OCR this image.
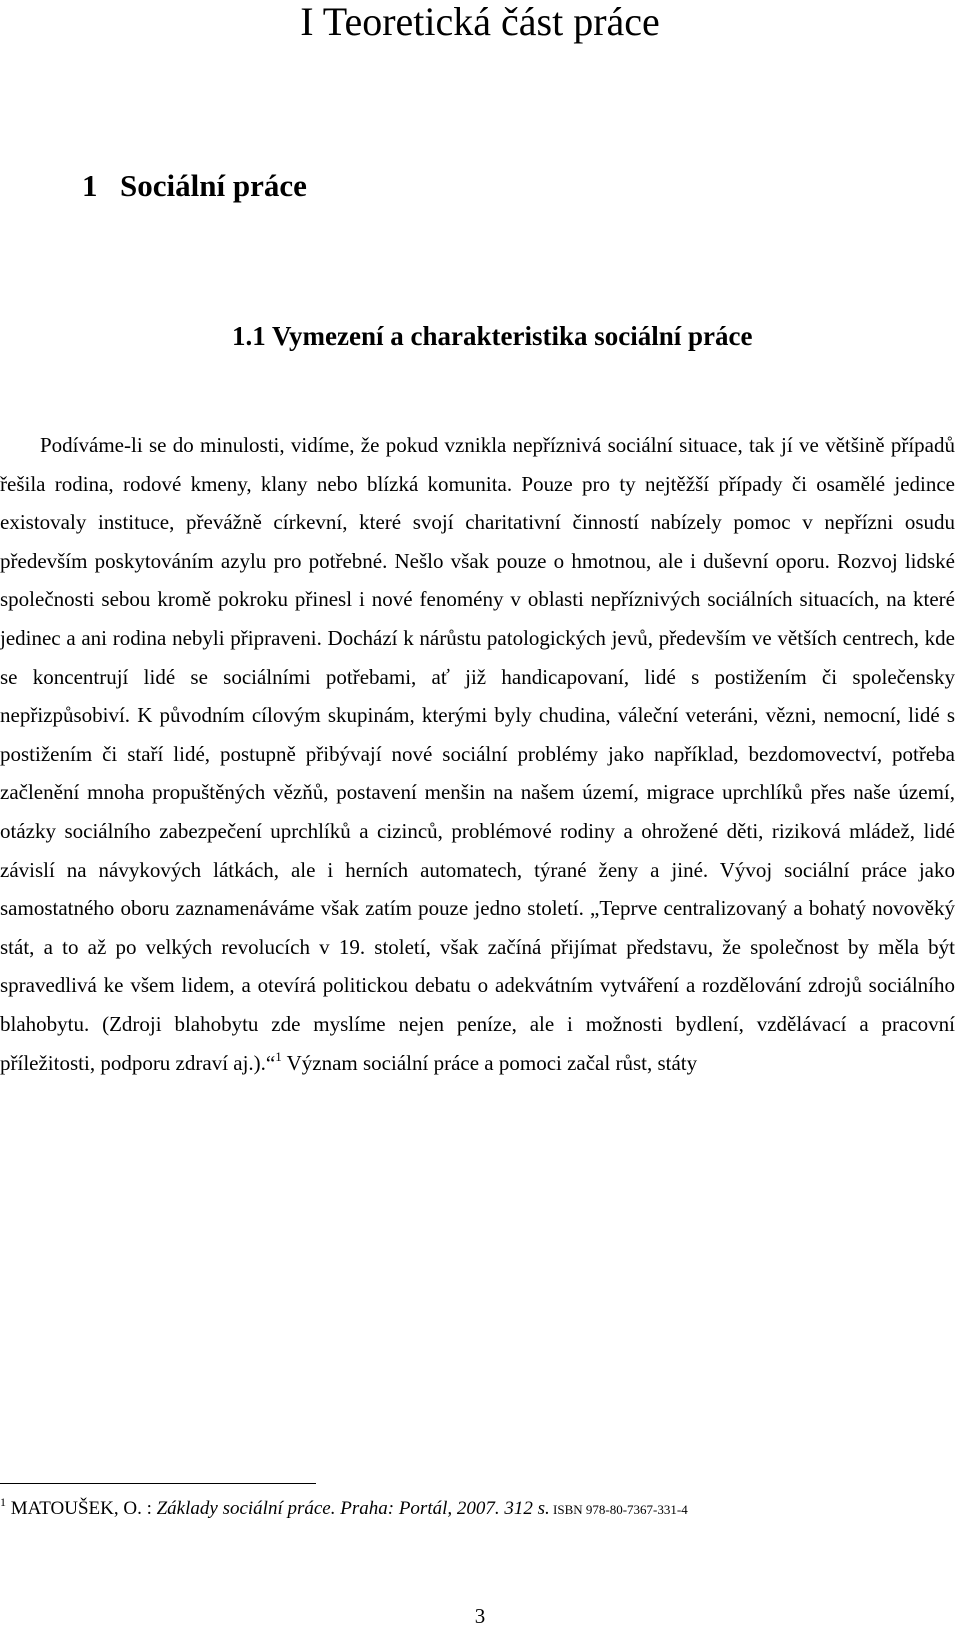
I Teoretická část práce
1 Sociální práce
1.1 Vymezení a charakteristika sociální práce

Podíváme-li se do minulosti, vidíme, že pokud vznikla nepříznivá sociální situace, tak jí ve většině případů řešila rodina, rodové kmeny, klany nebo blízká komunita. Pouze pro ty nejtěžší případy či osamělé jedince existovaly instituce, převážně církevní, které svojí charitativní činností nabízely pomoc v nepřízni osudu především poskytováním azylu pro potřebné. Nešlo však pouze o hmotnou, ale i duševní oporu. Rozvoj lidské společnosti sebou kromě pokroku přinesl i nové fenomény v oblasti nepříznivých sociálních situacích, na které jedinec a ani rodina nebyli připraveni. Dochází k nárůstu patologických jevů, především ve větších centrech, kde se koncentrují lidé se sociálními potřebami, ať již handicapovaní, lidé s postižením či společensky nepřizpůsobiví. K původním cílovým skupinám, kterými byly chudina, váleční veteráni, vězni, nemocní, lidé s postižením či staří lidé, postupně přibývají nové sociální problémy jako například, bezdomovectví, potřeba začlenění mnoha propuštěných vězňů, postavení menšin na našem území, migrace uprchlíků přes naše území, otázky sociálního zabezpečení uprchlíků a cizinců, problémové rodiny a ohrožené děti, riziková mládež, lidé závislí na návykových látkách, ale i herních automatech, týrané ženy a jiné. Vývoj sociální práce jako samostatného oboru zaznamenáváme však zatím pouze jedno století. „Teprve centralizovaný a bohatý novověký stát, a to až po velkých revolucích v 19. století, však začíná přijímat představu, že společnost by měla být spravedlivá ke všem lidem, a otevírá politickou debatu o adekvátním vytváření a rozdělování zdrojů sociálního blahobytu. (Zdroji blahobytu zde myslíme nejen peníze, ale i možnosti bydlení, vzdělávací a pracovní příležitosti, podporu zdraví aj.).“$^1$ Význam sociální práce a pomoci začal růst, státy

$^1$ MATOUŠEK, O. : Základy sociální práce. Praha: Portál, 2007. 312 s. ISBN 978-80-7367-331-4

3
